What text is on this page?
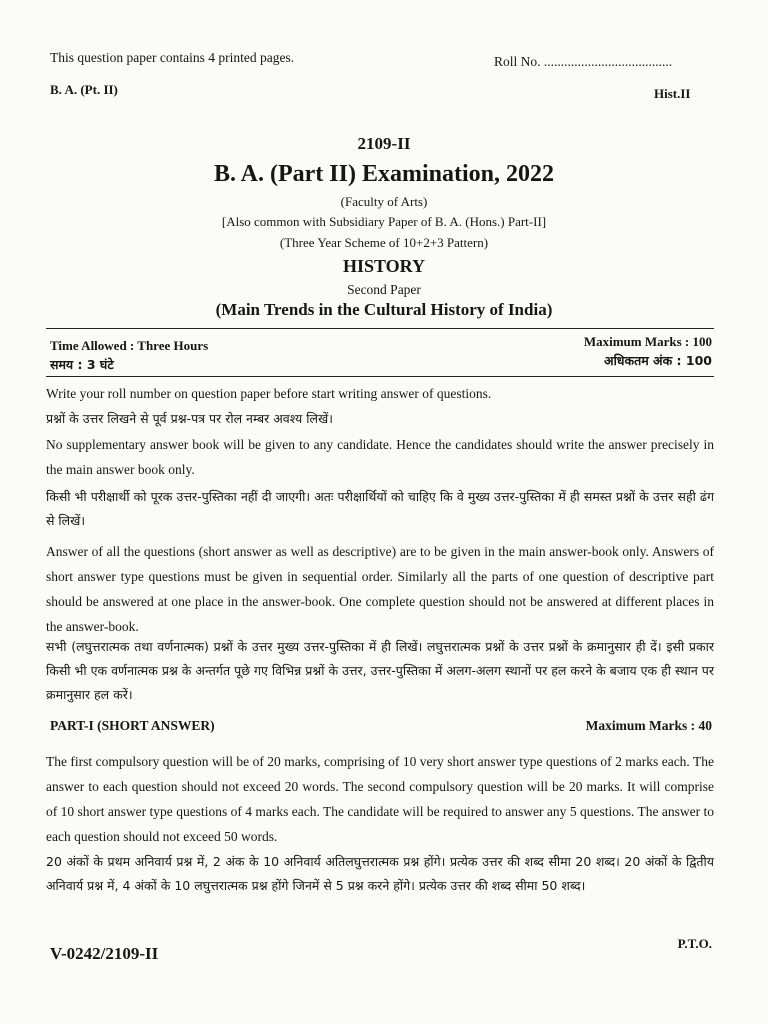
This question paper contains 4 printed pages.	Roll No. ......................................
B. A. (Pt. II)	Hist.II
2109-II
B. A. (Part II) Examination, 2022
(Faculty of Arts)
[Also common with Subsidiary Paper of B. A. (Hons.) Part-II]
(Three Year Scheme of 10+2+3 Pattern)
HISTORY
Second Paper
(Main Trends in the Cultural History of India)
Time Allowed : Three Hours
समय : 3 घंटे
Maximum Marks : 100
अधिकतम अंक : 100
Write your roll number on question paper before start writing answer of questions.
प्रश्नों के उत्तर लिखने से पूर्व प्रश्न-पत्र पर रोल नम्बर अवश्य लिखें।
No supplementary answer book will be given to any candidate. Hence the candidates should write the answer precisely in the main answer book only.
किसी भी परीक्षार्थी को पूरक उत्तर-पुस्तिका नहीं दी जाएगी। अतः परीक्षार्थियों को चाहिए कि वे मुख्य उत्तर-पुस्तिका में ही समस्त प्रश्नों के उत्तर सही ढंग से लिखें।
Answer of all the questions (short answer as well as descriptive) are to be given in the main answer-book only. Answers of short answer type questions must be given in sequential order. Similarly all the parts of one question of descriptive part should be answered at one place in the answer-book. One complete question should not be answered at different places in the answer-book.
सभी (लघुत्तरात्मक तथा वर्णनात्मक) प्रश्नों के उत्तर मुख्य उत्तर-पुस्तिका में ही लिखें। लघुत्तरात्मक प्रश्नों के उत्तर प्रश्नों के क्रमानुसार ही दें। इसी प्रकार किसी भी एक वर्णनात्मक प्रश्न के अन्तर्गत पूछे गए विभिन्न प्रश्नों के उत्तर, उत्तर-पुस्तिका में अलग-अलग स्थानों पर हल करने के बजाय एक ही स्थान पर क्रमानुसार हल करें।
PART-I (SHORT ANSWER)	Maximum Marks : 40
The first compulsory question will be of 20 marks, comprising of 10 very short answer type questions of 2 marks each. The answer to each question should not exceed 20 words. The second compulsory question will be 20 marks. It will comprise of 10 short answer type questions of 4 marks each. The candidate will be required to answer any 5 questions. The answer to each question should not exceed 50 words.
20 अंकों के प्रथम अनिवार्य प्रश्न में, 2 अंक के 10 अनिवार्य अतिलघुत्तरात्मक प्रश्न होंगे। प्रत्येक उत्तर की शब्द सीमा 20 शब्द। 20 अंकों के द्वितीय अनिवार्य प्रश्न में, 4 अंकों के 10 लघुत्तरात्मक प्रश्न होंगे जिनमें से 5 प्रश्न करने होंगे। प्रत्येक उत्तर की शब्द सीमा 50 शब्द।
V-0242/2109-II
P.T.O.
